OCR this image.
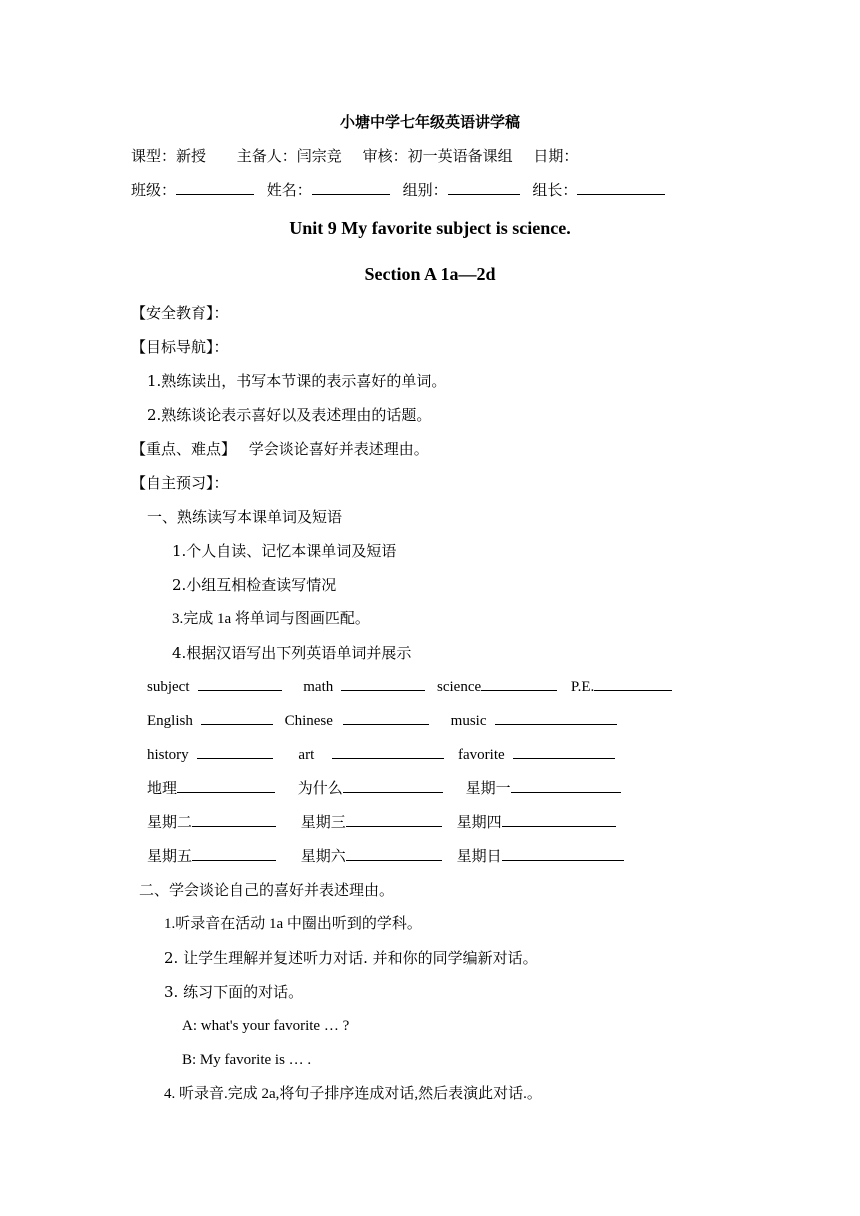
小塘中学七年级英语讲学稿
课型：新授 主备人：闫宗竞 审核：初一英语备课组 日期：
班级：	姓名：	组别：	组长：
Unit 9 My favorite subject is science.
Section A 1a—2d
【安全教育】：
【目标导航】：
1.熟练读出，书写本节课的表示喜好的单词。
2.熟练谈论表示喜好以及表述理由的话题。
【重点、难点】 学会谈论喜好并表述理由。
【自主预习】：
一、熟练读写本课单词及短语
1.个人自读、记忆本课单词及短语
2.小组互相检查读写情况
3.完成 1a 将单词与图画匹配。
4.根据汉语写出下列英语单词并展示
subject	math	science	P.E.
English	Chinese	music
history	art	favorite
地理	为什么	星期一
星期二	星期三	星期四
星期五	星期六	星期日
二、学会谈论自己的喜好并表述理由。
1.听录音在活动 1a 中圈出听到的学科。
2. 让学生理解并复述听力对话. 并和你的同学编新对话。
3. 练习下面的对话。
A: what's your favorite … ?
B: My favorite is … .
4. 听录音.完成 2a,将句子排序连成对话,然后表演此对话.。
